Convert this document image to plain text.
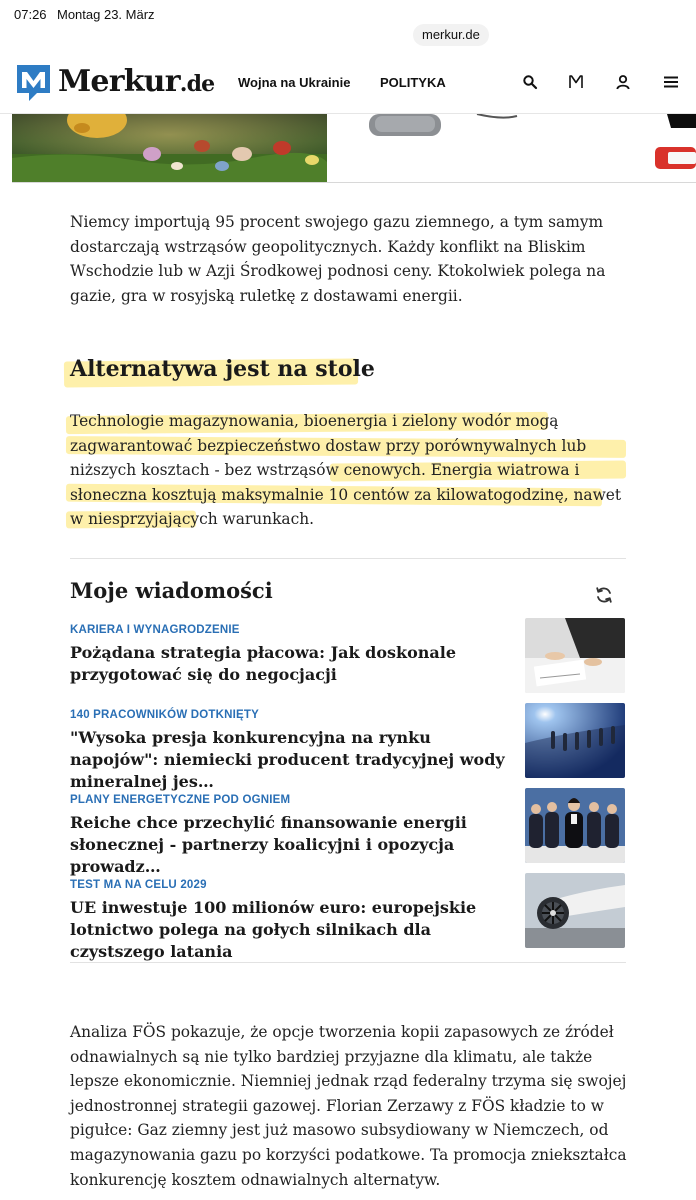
07:26 Montag 23. März
merkur.de
Merkur.de Wojna na Ukrainie POLITYKA

Niemcy importują 95 procent swojego gazu ziemnego, a tym samym dostarczają wstrząsów geopolitycznych. Każdy konflikt na Bliskim Wschodzie lub w Azji Środkowej podnosi ceny. Ktokolwiek polega na gazie, gra w rosyjską ruletkę z dostawami energii.

Alternatywa jest na stole

Technologie magazynowania, bioenergia i zielony wodór mogą zagwarantować bezpieczeństwo dostaw przy porównywalnych lub niższych kosztach - bez wstrząsów cenowych. Energia wiatrowa i słoneczna kosztują maksymalnie 10 centów za kilowatogodzinę, nawet w niesprzyjających warunkach.

Moje wiadomości
KARIERA I WYNAGRODZENIE
Pożądana strategia płacowa: Jak doskonale przygotować się do negocjacji
140 PRACOWNIKÓW DOTKNIĘTY
"Wysoka presja konkurencyjna na rynku napojów": niemiecki producent tradycyjnej wody mineralnej jes…
PLANY ENERGETYCZNE POD OGNIEM
Reiche chce przechylić finansowanie energii słonecznej - partnerzy koalicyjni i opozycja prowadz…
TEST MA NA CELU 2029
UE inwestuje 100 milionów euro: europejskie lotnictwo polega na gołych silnikach dla czystszego latania

Analiza FÖS pokazuje, że opcje tworzenia kopii zapasowych ze źródeł odnawialnych są nie tylko bardziej przyjazne dla klimatu, ale także lepsze ekonomicznie. Niemniej jednak rząd federalny trzyma się swojej jednostronnej strategii gazowej. Florian Zerzawy z FÖS kładzie to w pigułce: Gaz ziemny jest już masowo subsydiowany w Niemczech, od magazynowania gazu po korzyści podatkowe. Ta promocja zniekształca konkurencję kosztem odnawialnych alternatyw.
